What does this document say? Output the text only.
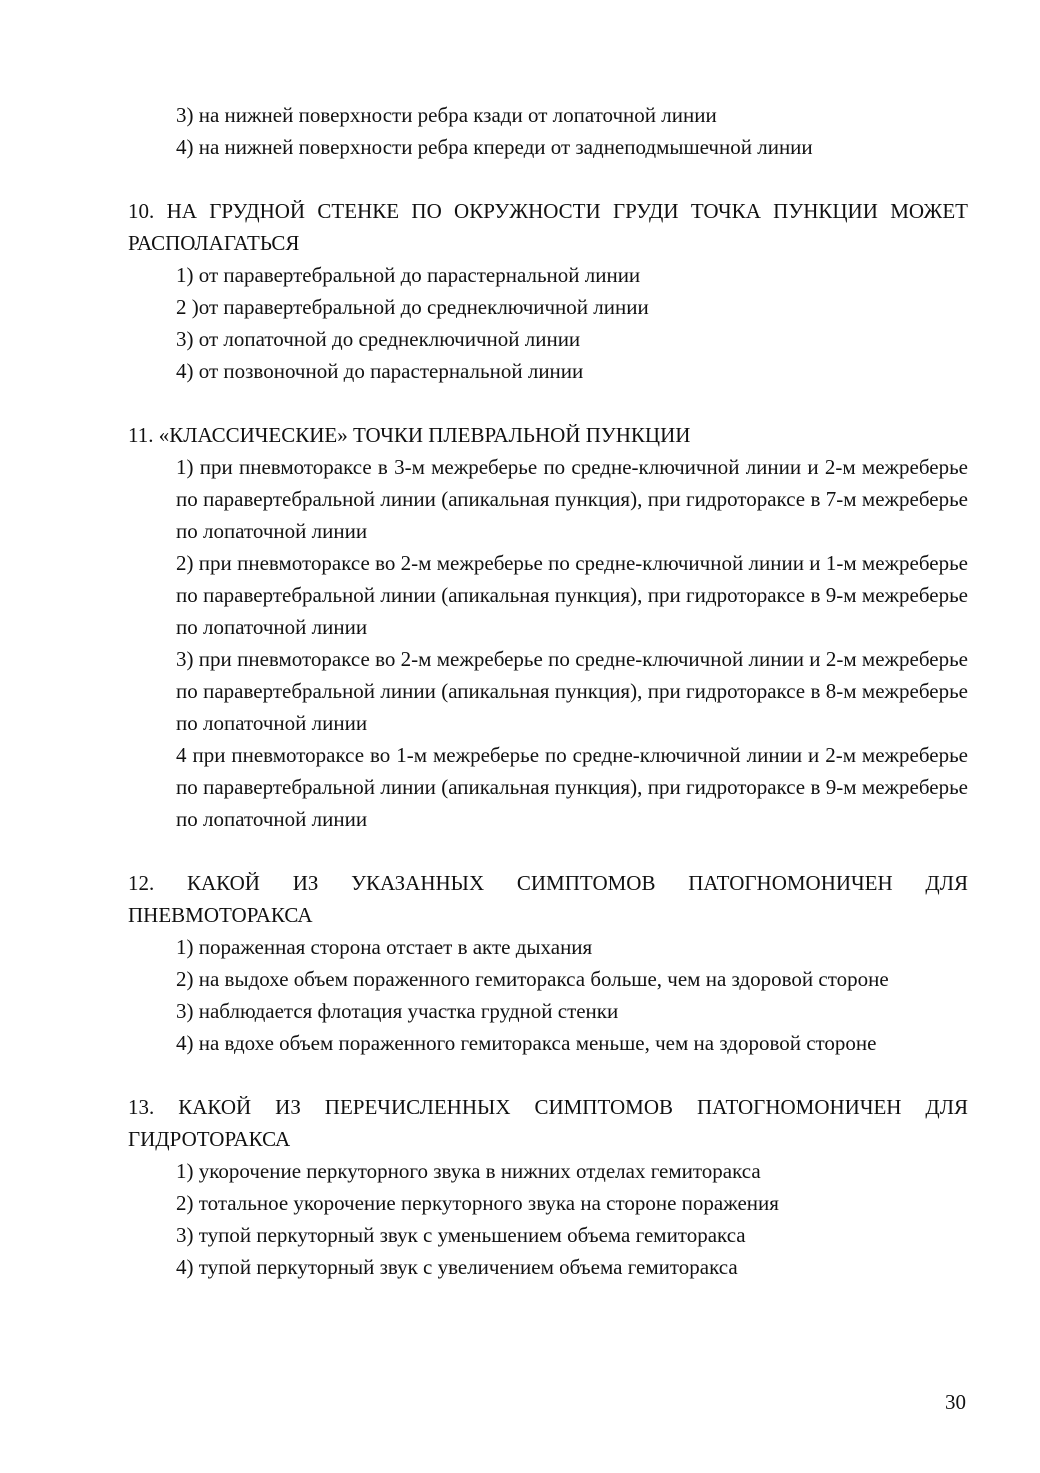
3) на нижней поверхности ребра кзади от лопаточной линии
4) на нижней поверхности ребра кпереди от заднеподмышечной линии

10. НА ГРУДНОЙ СТЕНКЕ ПО ОКРУЖНОСТИ ГРУДИ ТОЧКА ПУНКЦИИ МОЖЕТ РАСПОЛАГАТЬСЯ

1) от паравертебральной до парастернальной линии
2 )от паравертебральной до среднеключичной линии
3) от лопаточной до среднеключичной линии
4) от позвоночной до парастернальной линии

11. «КЛАССИЧЕСКИЕ» ТОЧКИ ПЛЕВРАЛЬНОЙ ПУНКЦИИ

1) при пневмотораксе в 3-м межреберье по средне-ключичной линии и 2-м межреберье по паравертебральной линии (апикальная пункция), при гидротораксе в 7-м межреберье по лопаточной линии
2) при пневмотораксе во 2-м межреберье по средне-ключичной линии и 1-м межреберье по паравертебральной линии (апикальная пункция), при гидротораксе в 9-м межреберье по лопаточной линии
3) при пневмотораксе во 2-м межреберье по средне-ключичной линии и 2-м межреберье по паравертебральной линии (апикальная пункция), при гидротораксе в 8-м межреберье по лопаточной линии
4 при пневмотораксе во 1-м межреберье по средне-ключичной линии и 2-м межреберье по паравертебральной линии (апикальная пункция), при гидротораксе в 9-м межреберье по лопаточной линии

12. КАКОЙ ИЗ УКАЗАННЫХ СИМПТОМОВ ПАТОГНОМОНИЧЕН ДЛЯ ПНЕВМОТОРАКСА

1) пораженная сторона отстает в акте дыхания
2) на выдохе объем пораженного гемиторакса больше, чем на здоровой стороне
3) наблюдается флотация участка грудной стенки
4) на вдохе объем пораженного гемиторакса меньше, чем на здоровой стороне

13. КАКОЙ ИЗ ПЕРЕЧИСЛЕННЫХ СИМПТОМОВ ПАТОГНОМОНИЧЕН ДЛЯ ГИДРОТОРАКСА

1) укорочение перкуторного звука в нижних отделах гемиторакса
2) тотальное укорочение перкуторного звука на стороне поражения
3) тупой перкуторный звук с уменьшением объема гемиторакса
4) тупой перкуторный звук с увеличением объема гемиторакса
30
